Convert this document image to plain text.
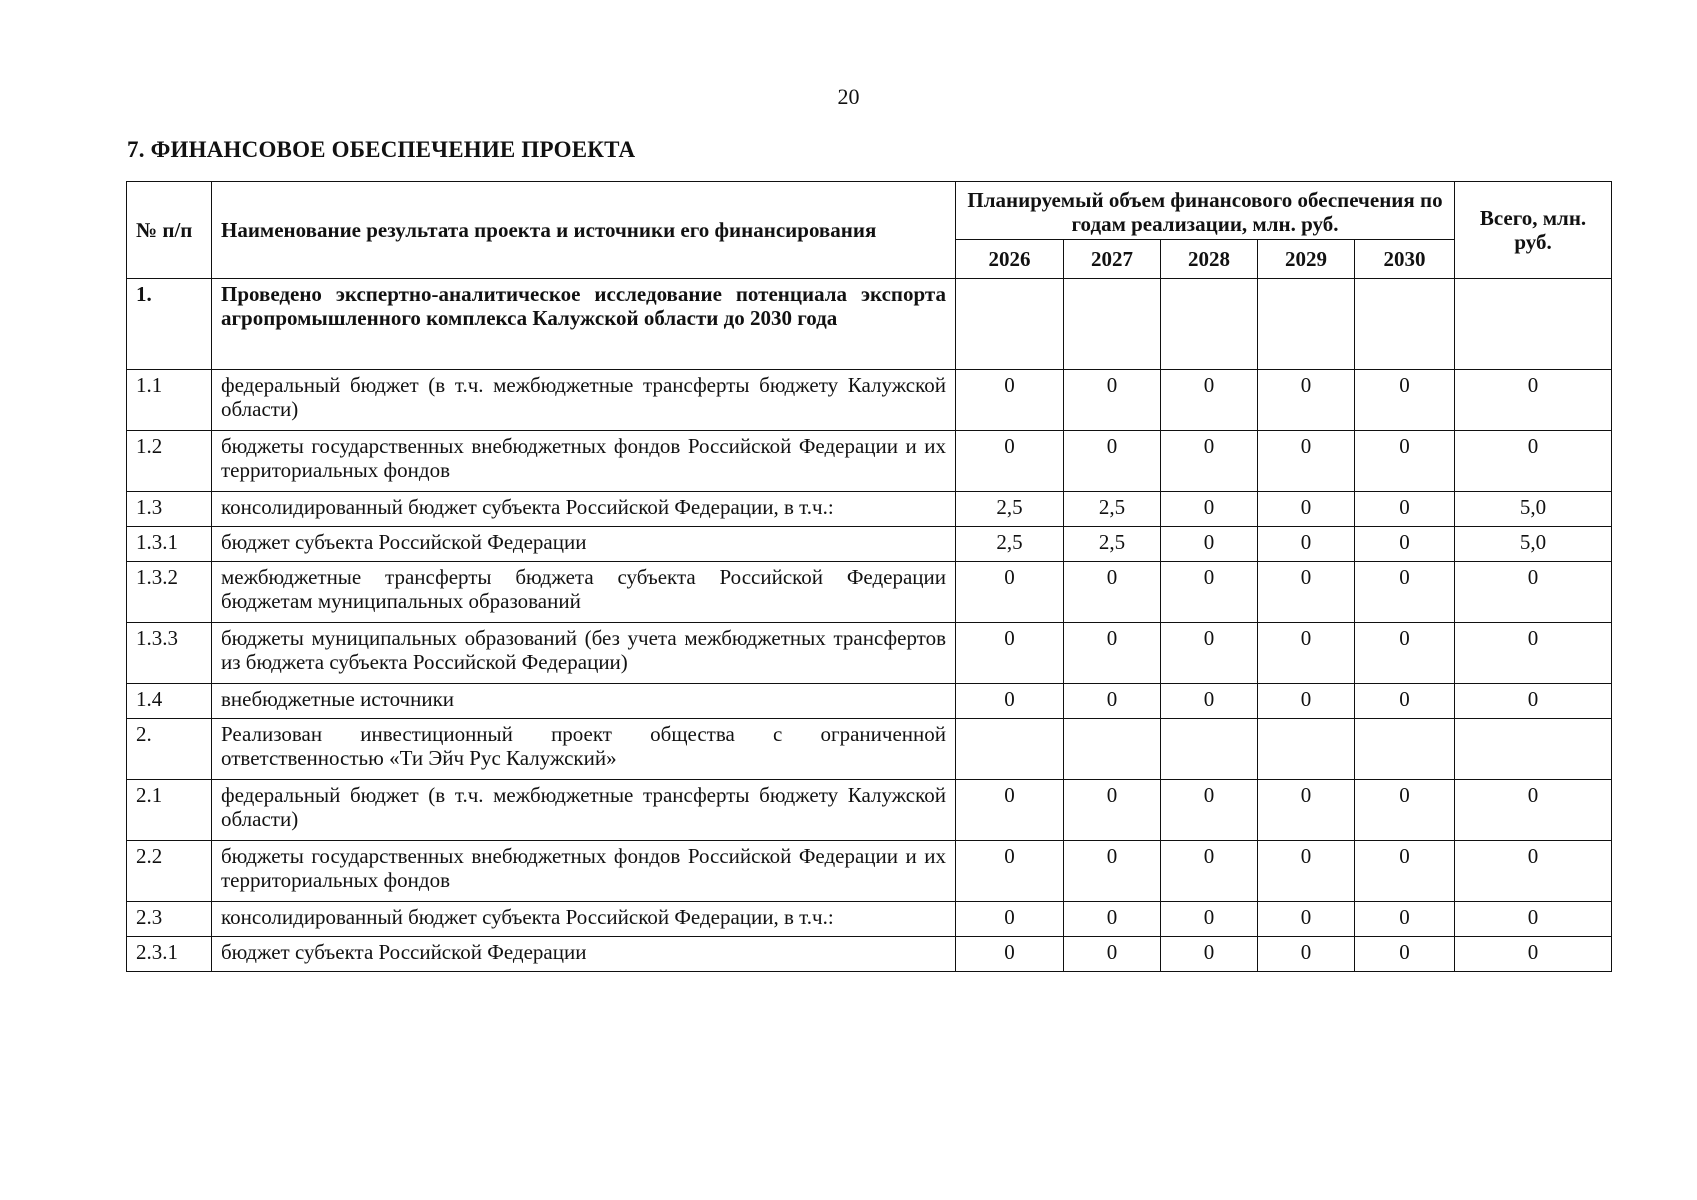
20
7. ФИНАНСОВОЕ ОБЕСПЕЧЕНИЕ ПРОЕКТА
№ п/п	Наименование результата проекта и источники его финансирования	Планируемый объем финансового обеспечения по годам реализации, млн. руб.					Всего, млн. руб.
		2026	2027	2028	2029	2030	
1.	Проведено экспертно-аналитическое исследование потенциала экспорта агропромышленного комплекса Калужской области до 2030 года						
1.1	федеральный бюджет (в т.ч. межбюджетные трансферты бюджету Калужской области)	0	0	0	0	0	0
1.2	бюджеты государственных внебюджетных фондов Российской Федерации и их территориальных фондов	0	0	0	0	0	0
1.3	консолидированный бюджет субъекта Российской Федерации, в т.ч.:	2,5	2,5	0	0	0	5,0
1.3.1	бюджет субъекта Российской Федерации	2,5	2,5	0	0	0	5,0
1.3.2	межбюджетные трансферты бюджета субъекта Российской Федерации бюджетам муниципальных образований	0	0	0	0	0	0
1.3.3	бюджеты муниципальных образований (без учета межбюджетных трансфертов из бюджета субъекта Российской Федерации)	0	0	0	0	0	0
1.4	внебюджетные источники	0	0	0	0	0	0
2.	Реализован инвестиционный проект общества с ограниченной ответственностью «Ти Эйч Рус Калужский»						
2.1	федеральный бюджет (в т.ч. межбюджетные трансферты бюджету Калужской области)	0	0	0	0	0	0
2.2	бюджеты государственных внебюджетных фондов Российской Федерации и их территориальных фондов	0	0	0	0	0	0
2.3	консолидированный бюджет субъекта Российской Федерации, в т.ч.:	0	0	0	0	0	0
2.3.1	бюджет субъекта Российской Федерации	0	0	0	0	0	0
